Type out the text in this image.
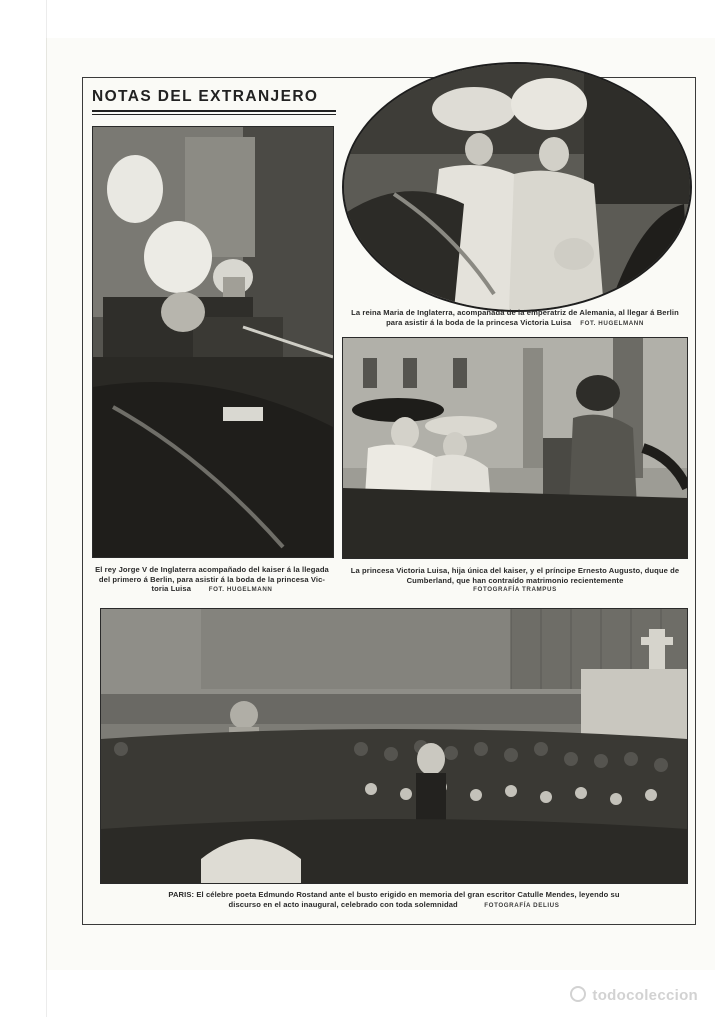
NOTAS DEL EXTRANJERO
El rey Jorge V de Inglaterra acompañado del kaiser á la llegada
del primero á Berlin, para asistir á la boda de la princesa Vic-
toria Luisa	FOT. HUGELMANN
La reina Maria de Inglaterra, acompañada de la emperatriz de Alemania, al llegar á Berlin
para asistir á la boda de la princesa Victoria Luisa FOT. HUGELMANN
La princesa Victoria Luisa, hija única del kaiser, y el príncipe Ernesto Augusto, duque de
Cumberland, que han contraído matrimonio recientemente
FOTOGRAFÍA TRAMPUS
PARIS: El célebre poeta Edmundo Rostand ante el busto erigido en memoria del gran escritor Catulle Mendes, leyendo su
discurso en el acto inaugural, celebrado con toda solemnidad	FOTOGRAFÍA DELIUS
todocoleccion
